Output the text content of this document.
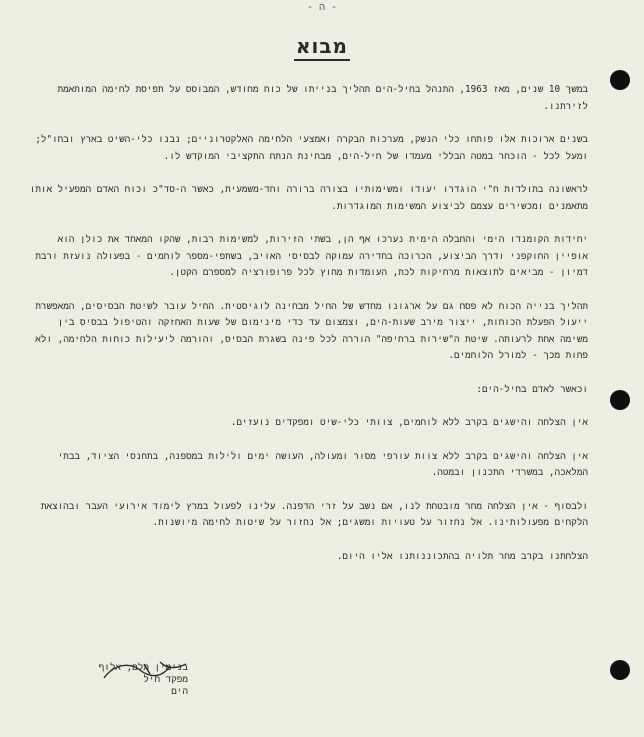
- ה -
מבוא

במשך 10 שנים, מאז 1963, התנהל בחיל-הים תהליך בנייתו של כוח מחודש, המבוסס על תפיסת לחימה המותאמת לזירתנו.

בשנים ארוכות אלו פותחו כלי הנשק, מערכות הבקרה ואמצעי הלחימה האלקטרוניים; נבנו כלי-השיט בארץ ובחו"ל; ומעל לכל - הוכחר במטה הבללי מעמדו של חיל-הים, מבחינת הנתח התקציבי המוקדש לו.

לראשונה בתולדות ח"י הוגדרו יעודו ומשימותיו בצורה ברורה וחד-משמעית, כאשר ה-סד"כ וכוח האדם המפעיל אותו מתאמנים ומכשירים עצמם לביצוע המשימות המוגדרות.

יחידות הקומנדו הימי והחבלה הימית נערכו אף הן, בשתי הזירות, למשימות רבות, שהקו המאחד את כולן הוא אופיין החוקפני ודרך הביצוע, הכרוכה בחדירה עמוקה לבסיסי האויב, בשתפי-מספר לוחמים - בפעולה נועזת ורבת דמיון - מביאים לתוצאות מרחיקות לכת, העומדות מחוץ לכל פרופורציה למספרם הקטן.

תהליך בנייה הכוח לא פסח גם על ארגונו מחדש של החיל מבחינה לוגיסטית. החיל עובר לשיטת הבסיסים, המאפשרת ייעול הפעלת הכוחות, ייצור מירב שעות-הים, וצמצום עד כדי מינימום של שעות האחזקה והטיפול בבסיס בין משימה אחת לרעותה. שיטת ה"שירות ברחיפה" הוררה לכל פינה בשגרת הבסיס, והורמה ליעילות כוחות הלחימה, ולא פחות מכך - למורל הלוחמים.

וכאשר לאדם בחיל-הים:

אין הצלחה והישגים בקרב ללא לוחמים, צוותי כלי-שיט ומפקדים נועזים.

אין הצלחה והישגים בקרב ללא צוות עורפי מסור ומעולה, העושה ימים ולילות במספנה, בתחנסי הציוד, בבתי המלאכה, במשרדי התכנון ובמטה.

ולבסוף - אין הצלחה מחר מובטחת לנו, אם נשב על זרי הדפנה. עלינו לפעול במרץ לימוד אירועי העבר ובהוצאת הלקחים מפעולותינו. אל נחזור על טעויות ומשגים; אל נחזור על שיטות לחימה מיושנות.

הצלחתנו בקרב מחר תלויה בהתכוננותנו אליו היום.

בנימין תלם, אלוף
מפקד חיל
הים
